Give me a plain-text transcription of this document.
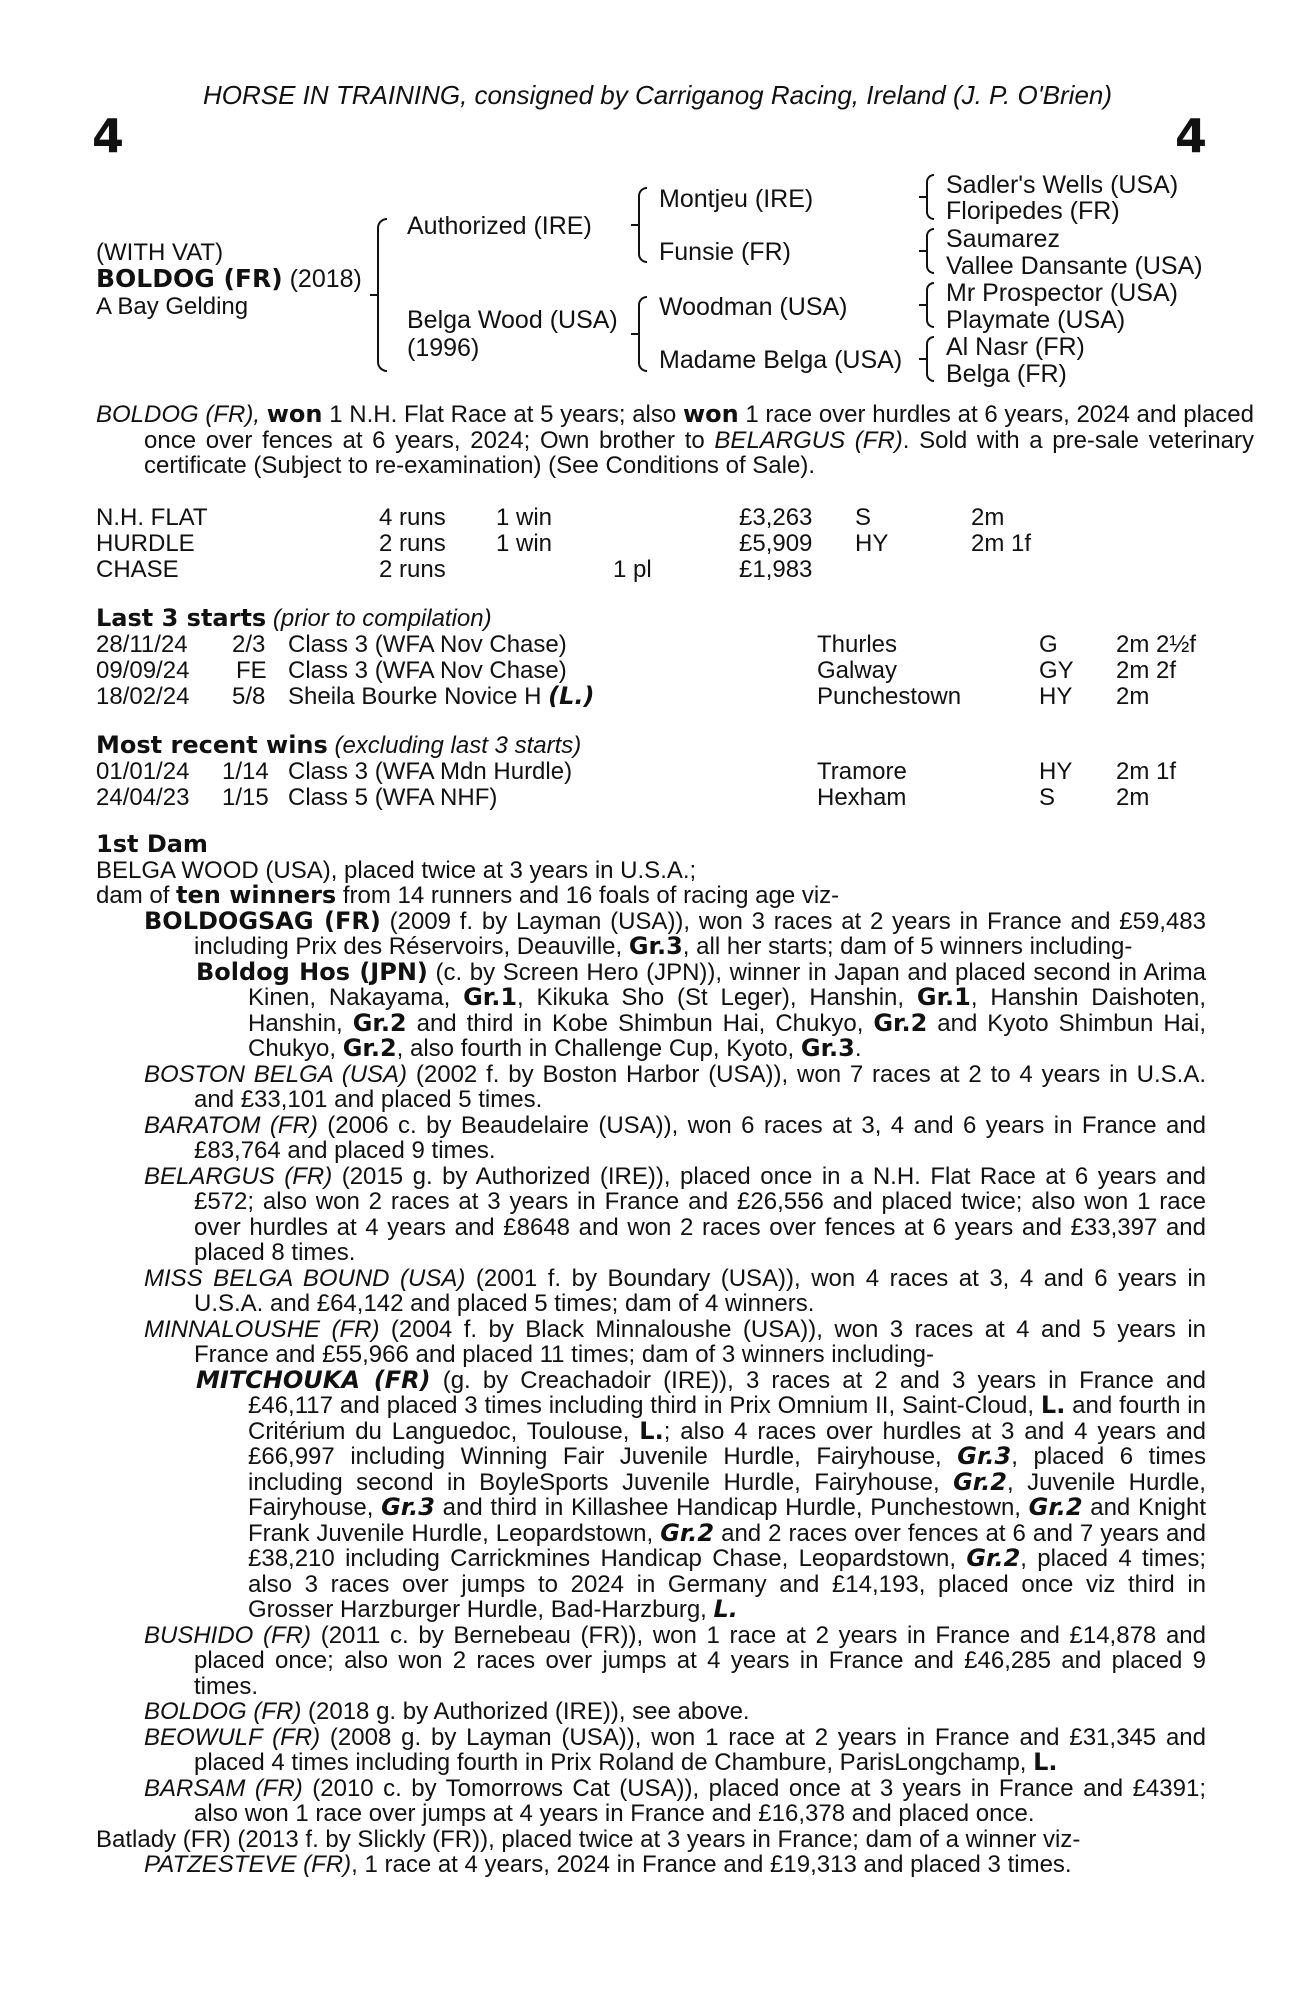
HORSE IN TRAINING, consigned by Carriganog Racing, Ireland (J. P. O'Brien)
4	4
(WITH VAT)
BOLDOG (FR) (2018)
A Bay Gelding
Authorized (IRE)
Belga Wood (USA)
(1996)
Montjeu (IRE)
Funsie (FR)
Woodman (USA)
Madame Belga (USA)
Sadler's Wells (USA)
Floripedes (FR)
Saumarez
Vallee Dansante (USA)
Mr Prospector (USA)
Playmate (USA)
Al Nasr (FR)
Belga (FR)

BOLDOG (FR), won 1 N.H. Flat Race at 5 years; also won 1 race over hurdles at 6 years, 2024 and placed once over fences at 6 years, 2024; Own brother to BELARGUS (FR). Sold with a pre-sale veterinary certificate (Subject to re-examination) (See Conditions of Sale).

N.H. FLAT	4 runs 1 win	£3,263 S	2m
HURDLE	2 runs 1 win	£5,909 HY	2m 1f
CHASE	2 runs	1 pl	£1,983
Last 3 starts (prior to compilation)
28/11/24 2/3 Class 3 (WFA Nov Chase)	Thurles	G 2m 2½f
09/09/24 FE Class 3 (WFA Nov Chase)	Galway	GY 2m 2f
18/02/24 5/8 Sheila Bourke Novice H (L.)	Punchestown	HY 2m
Most recent wins (excluding last 3 starts)
01/01/24 1/14 Class 3 (WFA Mdn Hurdle)	Tramore	HY 2m 1f
24/04/23 1/15 Class 5 (WFA NHF)	Hexham	S	2m

1st Dam

BELGA WOOD (USA), placed twice at 3 years in U.S.A.;

dam of ten winners from 14 runners and 16 foals of racing age viz-

BOLDOGSAG (FR) (2009 f. by Layman (USA)), won 3 races at 2 years in France and £59,483 including Prix des Réservoirs, Deauville, Gr.3, all her starts; dam of 5 winners including-

Boldog Hos (JPN) (c. by Screen Hero (JPN)), winner in Japan and placed second in Arima Kinen, Nakayama, Gr.1, Kikuka Sho (St Leger), Hanshin, Gr.1, Hanshin Daishoten, Hanshin, Gr.2 and third in Kobe Shimbun Hai, Chukyo, Gr.2 and Kyoto Shimbun Hai, Chukyo, Gr.2, also fourth in Challenge Cup, Kyoto, Gr.3.

BOSTON BELGA (USA) (2002 f. by Boston Harbor (USA)), won 7 races at 2 to 4 years in U.S.A. and £33,101 and placed 5 times.

BARATOM (FR) (2006 c. by Beaudelaire (USA)), won 6 races at 3, 4 and 6 years in France and £83,764 and placed 9 times.

BELARGUS (FR) (2015 g. by Authorized (IRE)), placed once in a N.H. Flat Race at 6 years and £572; also won 2 races at 3 years in France and £26,556 and placed twice; also won 1 race over hurdles at 4 years and £8648 and won 2 races over fences at 6 years and £33,397 and placed 8 times.

MISS BELGA BOUND (USA) (2001 f. by Boundary (USA)), won 4 races at 3, 4 and 6 years in U.S.A. and £64,142 and placed 5 times; dam of 4 winners.

MINNALOUSHE (FR) (2004 f. by Black Minnaloushe (USA)), won 3 races at 4 and 5 years in France and £55,966 and placed 11 times; dam of 3 winners including-

MITCHOUKA (FR) (g. by Creachadoir (IRE)), 3 races at 2 and 3 years in France and £46,117 and placed 3 times including third in Prix Omnium II, Saint-Cloud, L. and fourth in Critérium du Languedoc, Toulouse, L.; also 4 races over hurdles at 3 and 4 years and £66,997 including Winning Fair Juvenile Hurdle, Fairyhouse, Gr.3, placed 6 times including second in BoyleSports Juvenile Hurdle, Fairyhouse, Gr.2, Juvenile Hurdle, Fairyhouse, Gr.3 and third in Killashee Handicap Hurdle, Punchestown, Gr.2 and Knight Frank Juvenile Hurdle, Leopardstown, Gr.2 and 2 races over fences at 6 and 7 years and £38,210 including Carrickmines Handicap Chase, Leopardstown, Gr.2, placed 4 times; also 3 races over jumps to 2024 in Germany and £14,193, placed once viz third in Grosser Harzburger Hurdle, Bad-Harzburg, L.

BUSHIDO (FR) (2011 c. by Bernebeau (FR)), won 1 race at 2 years in France and £14,878 and placed once; also won 2 races over jumps at 4 years in France and £46,285 and placed 9 times.

BOLDOG (FR) (2018 g. by Authorized (IRE)), see above.

BEOWULF (FR) (2008 g. by Layman (USA)), won 1 race at 2 years in France and £31,345 and placed 4 times including fourth in Prix Roland de Chambure, ParisLongchamp, L.

BARSAM (FR) (2010 c. by Tomorrows Cat (USA)), placed once at 3 years in France and £4391; also won 1 race over jumps at 4 years in France and £16,378 and placed once.

Batlady (FR) (2013 f. by Slickly (FR)), placed twice at 3 years in France; dam of a winner viz-

PATZESTEVE (FR), 1 race at 4 years, 2024 in France and £19,313 and placed 3 times.
